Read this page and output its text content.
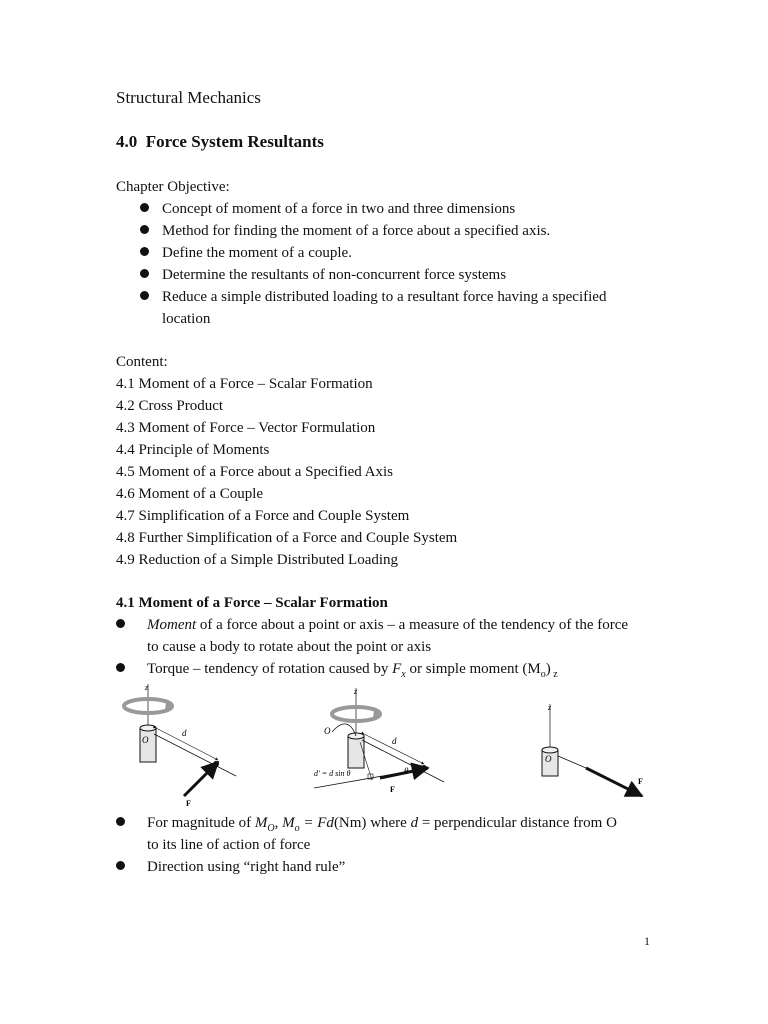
Structural Mechanics
4.0 Force System Resultants
Chapter Objective:
Concept of moment of a force in two and three dimensions
Method for finding the moment of a force about a specified axis.
Define the moment of a couple.
Determine the resultants of non-concurrent force systems
Reduce a simple distributed loading to a resultant force having a specified
location
Content:
4.1 Moment of a Force – Scalar Formation
4.2 Cross Product
4.3 Moment of Force – Vector Formulation
4.4 Principle of Moments
4.5 Moment of a Force about a Specified Axis
4.6 Moment of a Couple
4.7 Simplification of a Force and Couple System
4.8 Further Simplification of a Force and Couple System
4.9 Reduction of a Simple Distributed Loading
4.1 Moment of a Force – Scalar Formation
Moment of a force about a point or axis – a measure of the tendency of the force
to cause a body to rotate about the point or axis
Torque – tendency of rotation caused by $F_x$ or simple moment $(M_o)$ $_z$
z
O
d
F
z
O
d
d′ = d sin θ	θ
F
z
O
F
For magnitude of $M_O$, $M_o = Fd(Nm)$ where d = perpendicular distance from O
to its line of action of force
Direction using “right hand rule”
1
